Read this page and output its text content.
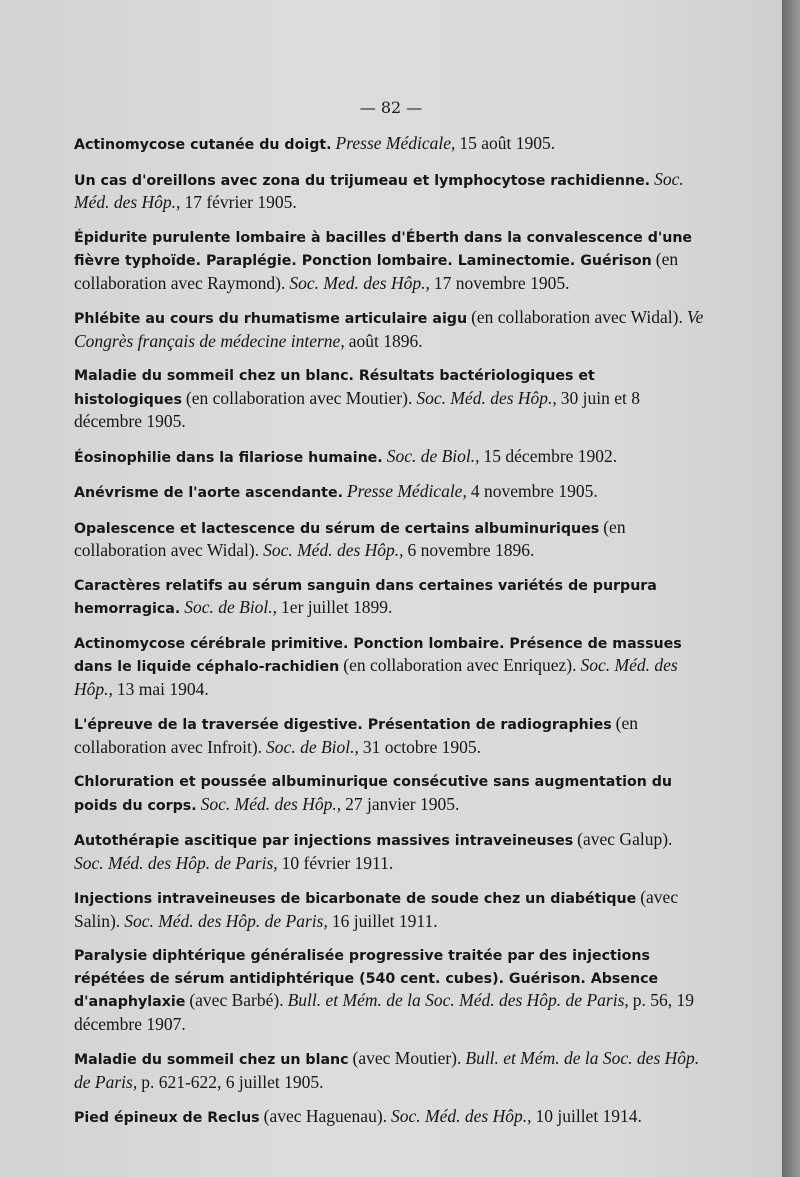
— 82 —
Actinomycose cutanée du doigt. Presse Médicale, 15 août 1905.
Un cas d'oreillons avec zona du trijumeau et lymphocytose rachidienne. Soc. Méd. des Hôp., 17 février 1905.
Épidurite purulente lombaire à bacilles d'Éberth dans la convalescence d'une fièvre typhoïde. Paraplégie. Ponction lombaire. Laminectomie. Guérison (en collaboration avec Raymond). Soc. Med. des Hôp., 17 novembre 1905.
Phlébite au cours du rhumatisme articulaire aigu (en collaboration avec Widal). Ve Congrès français de médecine interne, août 1896.
Maladie du sommeil chez un blanc. Résultats bactériologiques et histologiques (en collaboration avec Moutier). Soc. Méd. des Hôp., 30 juin et 8 décembre 1905.
Éosinophilie dans la filariose humaine. Soc. de Biol., 15 décembre 1902.
Anévrisme de l'aorte ascendante. Presse Médicale, 4 novembre 1905.
Opalescence et lactescence du sérum de certains albuminuriques (en collaboration avec Widal). Soc. Méd. des Hôp., 6 novembre 1896.
Caractères relatifs au sérum sanguin dans certaines variétés de purpura hemorragica. Soc. de Biol., 1er juillet 1899.
Actinomycose cérébrale primitive. Ponction lombaire. Présence de massues dans le liquide céphalo-rachidien (en collaboration avec Enriquez). Soc. Méd. des Hôp., 13 mai 1904.
L'épreuve de la traversée digestive. Présentation de radiographies (en collaboration avec Infroit). Soc. de Biol., 31 octobre 1905.
Chloruration et poussée albuminurique consécutive sans augmentation du poids du corps. Soc. Méd. des Hôp., 27 janvier 1905.
Autothérapie ascitique par injections massives intraveineuses (avec Galup). Soc. Méd. des Hôp. de Paris, 10 février 1911.
Injections intraveineuses de bicarbonate de soude chez un diabétique (avec Salin). Soc. Méd. des Hôp. de Paris, 16 juillet 1911.
Paralysie diphtérique généralisée progressive traitée par des injections répétées de sérum antidiphtérique (540 cent. cubes). Guérison. Absence d'anaphylaxie (avec Barbé). Bull. et Mém. de la Soc. Méd. des Hôp. de Paris, p. 56, 19 décembre 1907.
Maladie du sommeil chez un blanc (avec Moutier). Bull. et Mém. de la Soc. des Hôp. de Paris, p. 621-622, 6 juillet 1905.
Pied épineux de Reclus (avec Haguenau). Soc. Méd. des Hôp., 10 juillet 1914.
